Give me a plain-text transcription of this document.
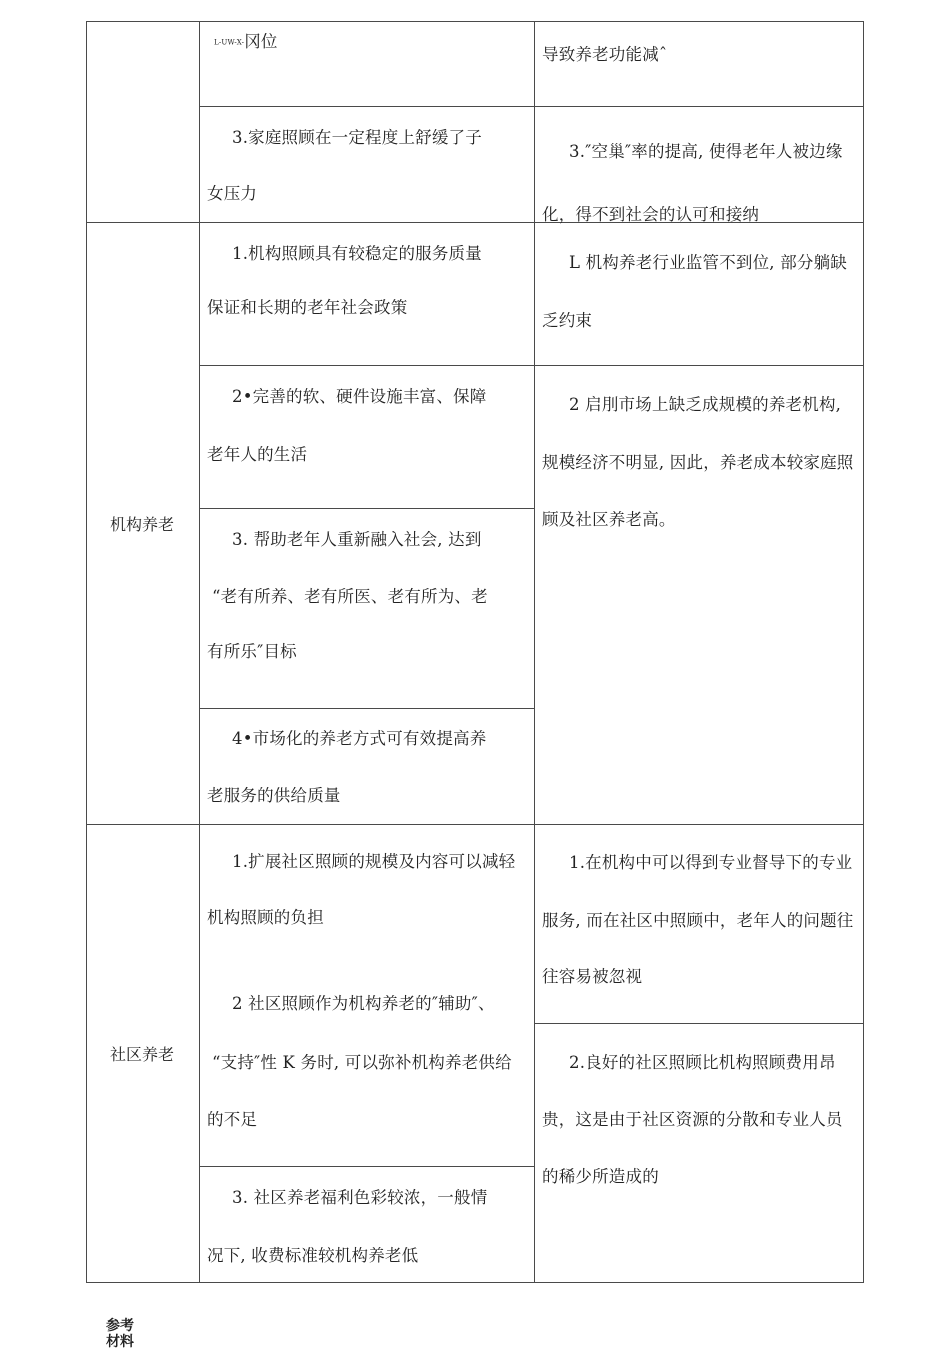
L-UW-X-冈位
导致养老功能减ˆ
3.家庭照顾在一定程度上舒缓了子
女压力
3.″空巢″率的提高, 使得老年人被边缘
化，得不到社会的认可和接纳
机构养老
1.机构照顾具有较稳定的服务质量
保证和长期的老年社会政策
2•完善的软、硬件设施丰富、保障
老年人的生活
3. 帮助老年人重新融入社会, 达到
“老有所养、老有所医、老有所为、老
有所乐″目标
4•市场化的养老方式可有效提高养
老服务的供给质量
L 机构养老行业监管不到位, 部分躺缺
乏约束
2 启刖市场上缺乏成规模的养老机构,
规模经济不明显, 因此，养老成本较家庭照
顾及社区养老高。
社区养老
1.扩展社区照顾的规模及内容可以减轻
机构照顾的负担
2 社区照顾作为机构养老的″辅助″、
“支持″性 K 务时, 可以弥补机构养老供给
的不足
3. 社区养老福利色彩较浓，一般情
况下, 收费标准较机构养老低
1.在机构中可以得到专业督导下的专业
服务, 而在社区中照顾中，老年人的问题往
往容易被忽视
2.良好的社区照顾比机构照顾费用昂
贵，这是由于社区资源的分散和专业人员
的稀少所造成的
参考
材料
